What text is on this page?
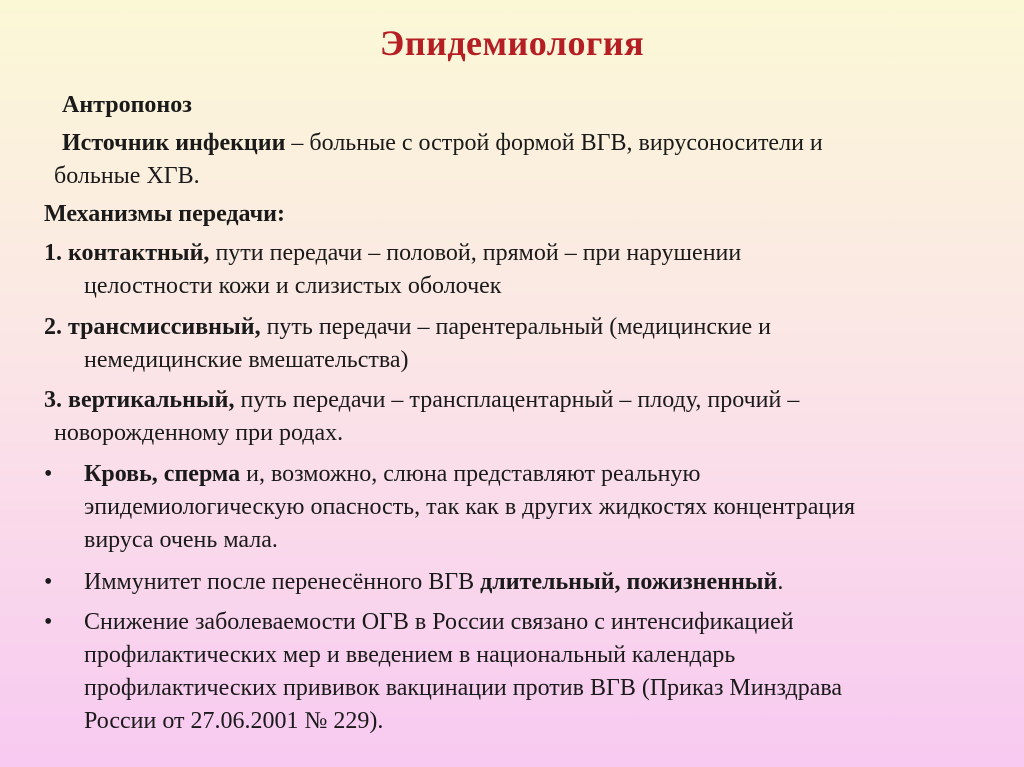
Эпидемиология
Антропоноз
Источник инфекции – больные с острой формой ВГВ, вирусоносители и
больные ХГВ.
Механизмы передачи:
1. контактный, пути передачи – половой, прямой – при нарушении
целостности кожи и слизистых оболочек
2. трансмиссивный, путь передачи – парентеральный (медицинские и
немедицинские вмешательства)
3. вертикальный, путь передачи – трансплацентарный – плоду, прочий –
новорожденному при родах.
• Кровь, сперма и, возможно, слюна представляют реальную
эпидемиологическую опасность, так как в других жидкостях концентрация
вируса очень мала.
• Иммунитет после перенесённого ВГВ длительный, пожизненный.
• Снижение заболеваемости ОГВ в России связано с интенсификацией
профилактических мер и введением в национальный календарь
профилактических прививок вакцинации против ВГВ (Приказ Минздрава
России от 27.06.2001 № 229).
